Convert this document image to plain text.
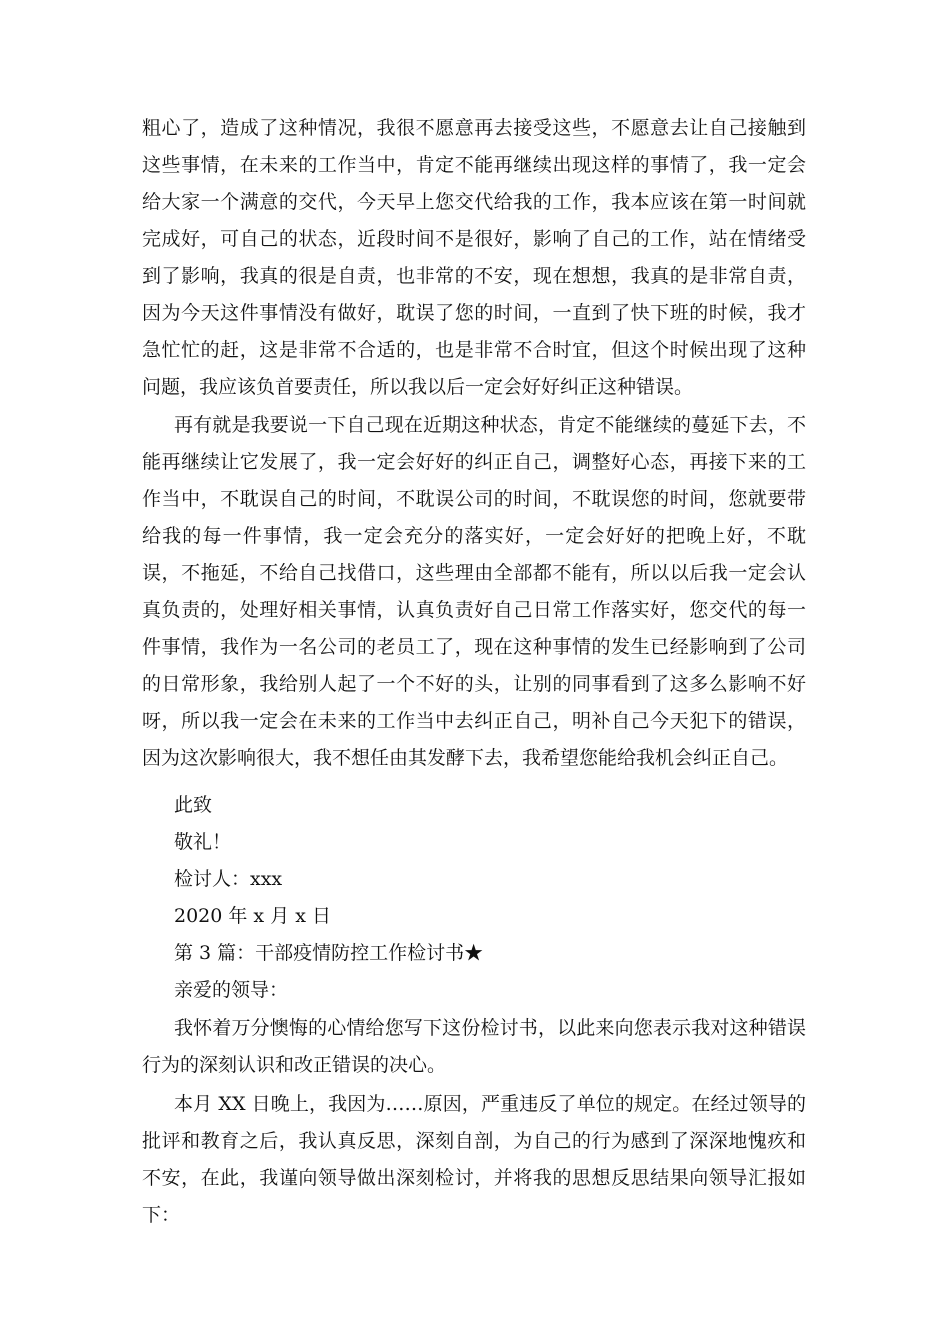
粗心了，造成了这种情况，我很不愿意再去接受这些，不愿意去让自己接触到这些事情，在未来的工作当中，肯定不能再继续出现这样的事情了，我一定会给大家一个满意的交代，今天早上您交代给我的工作，我本应该在第一时间就完成好，可自己的状态，近段时间不是很好，影响了自己的工作，站在情绪受到了影响，我真的很是自责，也非常的不安，现在想想，我真的是非常自责，因为今天这件事情没有做好，耽误了您的时间，一直到了快下班的时候，我才急忙忙的赶，这是非常不合适的，也是非常不合时宜，但这个时候出现了这种问题，我应该负首要责任，所以我以后一定会好好纠正这种错误。

再有就是我要说一下自己现在近期这种状态，肯定不能继续的蔓延下去，不能再继续让它发展了，我一定会好好的纠正自己，调整好心态，再接下来的工作当中，不耽误自己的时间，不耽误公司的时间，不耽误您的时间，您就要带给我的每一件事情，我一定会充分的落实好，一定会好好的把晚上好，不耽误，不拖延，不给自己找借口，这些理由全部都不能有，所以以后我一定会认真负责的，处理好相关事情，认真负责好自己日常工作落实好，您交代的每一件事情，我作为一名公司的老员工了，现在这种事情的发生已经影响到了公司的日常形象，我给别人起了一个不好的头，让别的同事看到了这多么影响不好呀，所以我一定会在未来的工作当中去纠正自己，明补自己今天犯下的错误，因为这次影响很大，我不想任由其发酵下去，我希望您能给我机会纠正自己。

此致

敬礼！

检讨人：xxx

2020 年 x 月 x 日

第 3 篇：干部疫情防控工作检讨书★

亲爱的领导：

我怀着万分懊悔的心情给您写下这份检讨书，以此来向您表示我对这种错误行为的深刻认识和改正错误的决心。

本月 XX 日晚上，我因为……原因，严重违反了单位的规定。在经过领导的批评和教育之后，我认真反思，深刻自剖，为自己的行为感到了深深地愧疚和不安，在此，我谨向领导做出深刻检讨，并将我的思想反思结果向领导汇报如下：
